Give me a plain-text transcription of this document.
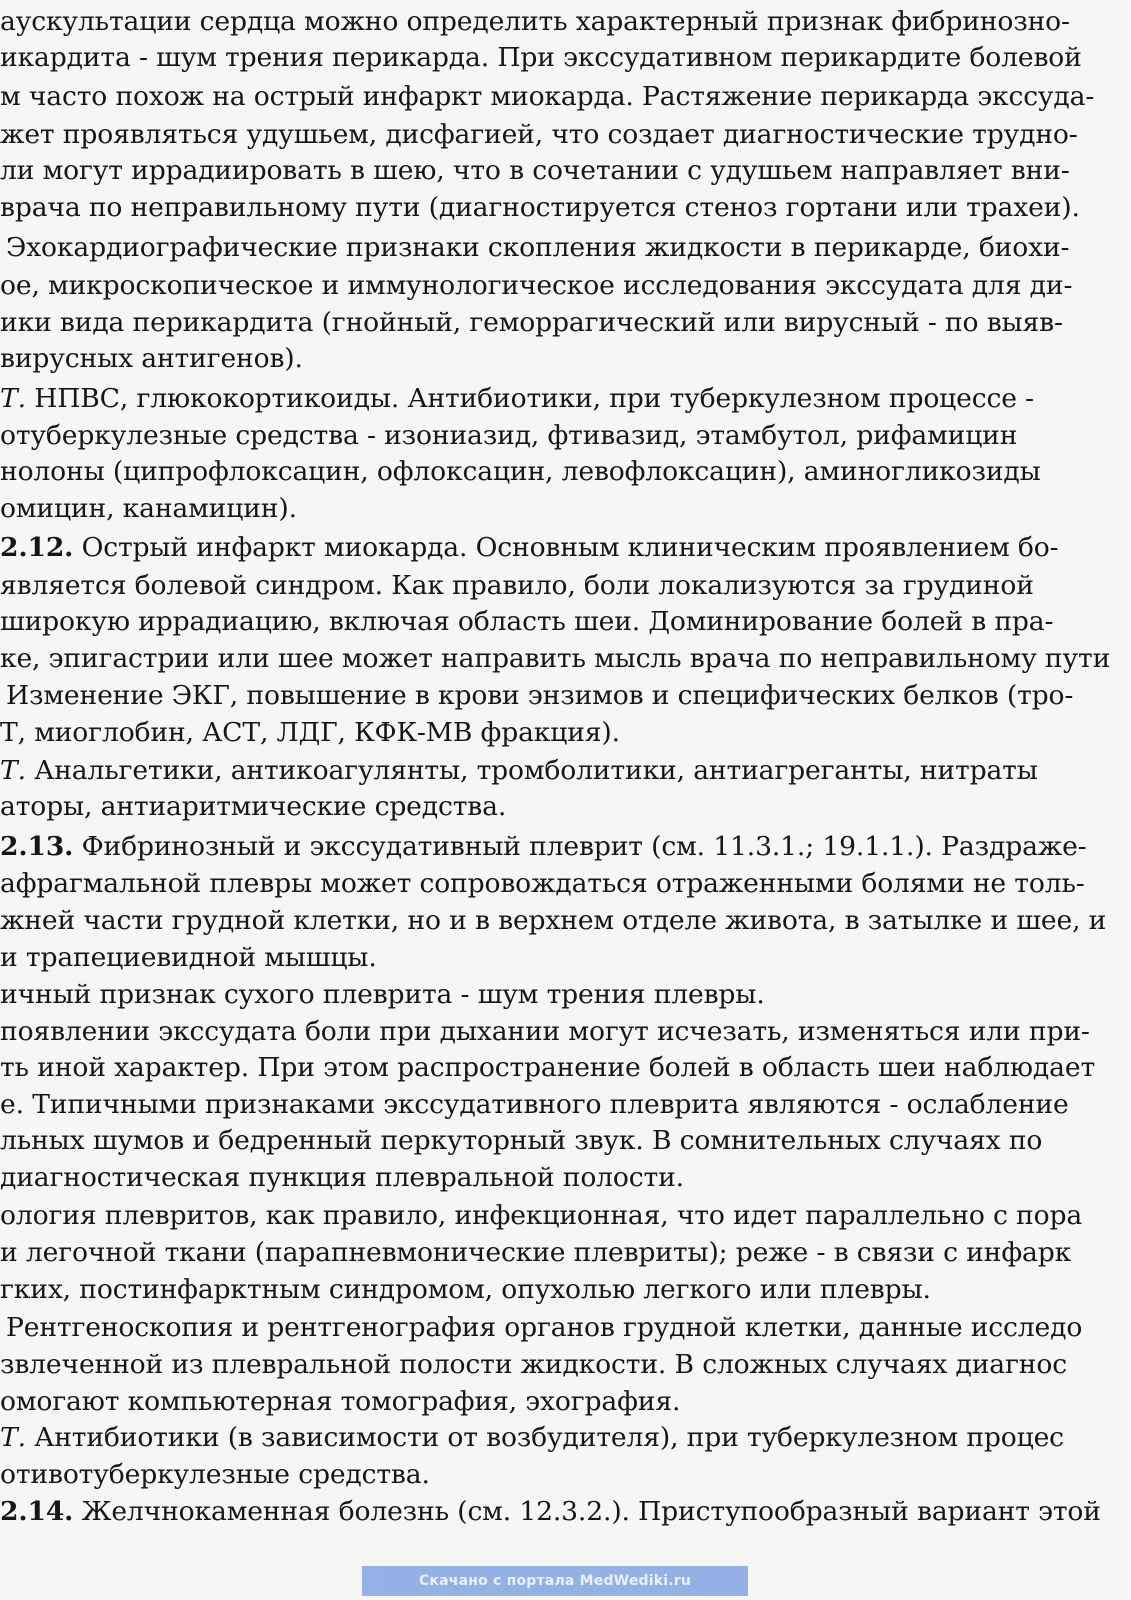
аускультации сердца можно определить характерный признак фибринозно-
икардита - шум трения перикарда. При экссудативном перикардите болевой
м часто похож на острый инфаркт миокарда. Растяжение перикарда экссуда-
жет проявляться удушьем, дисфагией, что создает диагностические трудно-
ли могут иррадиировать в шею, что в сочетании с удушьем направляет вни-
врача по неправильному пути (диагностируется стеноз гортани или трахеи).
Эхокардиографические признаки скопления жидкости в перикарде, биохи-
ое, микроскопическое и иммунологическое исследования экссудата для ди-
ики вида перикардита (гнойный, геморрагический или вирусный - по выяв-
вирусных антигенов).
Т. НПВС, глюкокортикоиды. Антибиотики, при туберкулезном процессе -
отуберкулезные средства - изониазид, фтивазид, этамбутол, рифамицин
нолоны (ципрофлоксацин, офлоксацин, левофлоксацин), аминогликозиды
омицин, канамицин).
2.12. Острый инфаркт миокарда. Основным клиническим проявлением бо-
является болевой синдром. Как правило, боли локализуются за грудиной
широкую иррадиацию, включая область шеи. Доминирование болей в пра-
ке, эпигастрии или шее может направить мысль врача по неправильному пути
Изменение ЭКГ, повышение в крови энзимов и специфических белков (тро-
Т, миоглобин, АСТ, ЛДГ, КФК-МВ фракция).
Т. Анальгетики, антикоагулянты, тромболитики, антиагреганты, нитраты
аторы, антиаритмические средства.
2.13. Фибринозный и экссудативный плеврит (см. 11.3.1.; 19.1.1.). Раздраже-
афрагмальной плевры может сопровождаться отраженными болями не толь-
жней части грудной клетки, но и в верхнем отделе живота, в затылке и шее, и
и трапециевидной мышцы.
ичный признак сухого плеврита - шум трения плевры.
появлении экссудата боли при дыхании могут исчезать, изменяться или при-
ть иной характер. При этом распространение болей в область шеи наблюдает
е. Типичными признаками экссудативного плеврита являются - ослабление
льных шумов и бедренный перкуторный звук. В сомнительных случаях по
диагностическая пункция плевральной полости.
ология плевритов, как правило, инфекционная, что идет параллельно с пора
и легочной ткани (парапневмонические плевриты); реже - в связи с инфарк
гких, постинфарктным синдромом, опухолью легкого или плевры.
Рентгеноскопия и рентгенография органов грудной клетки, данные исследо
звлеченной из плевральной полости жидкости. В сложных случаях диагнос
омогают компьютерная томография, эхография.
Т. Антибиотики (в зависимости от возбудителя), при туберкулезном процес
отивотуберкулезные средства.
2.14. Желчнокаменная болезнь (см. 12.3.2.). Приступообразный вариант этой
Скачано с портала MedWediki.ru
